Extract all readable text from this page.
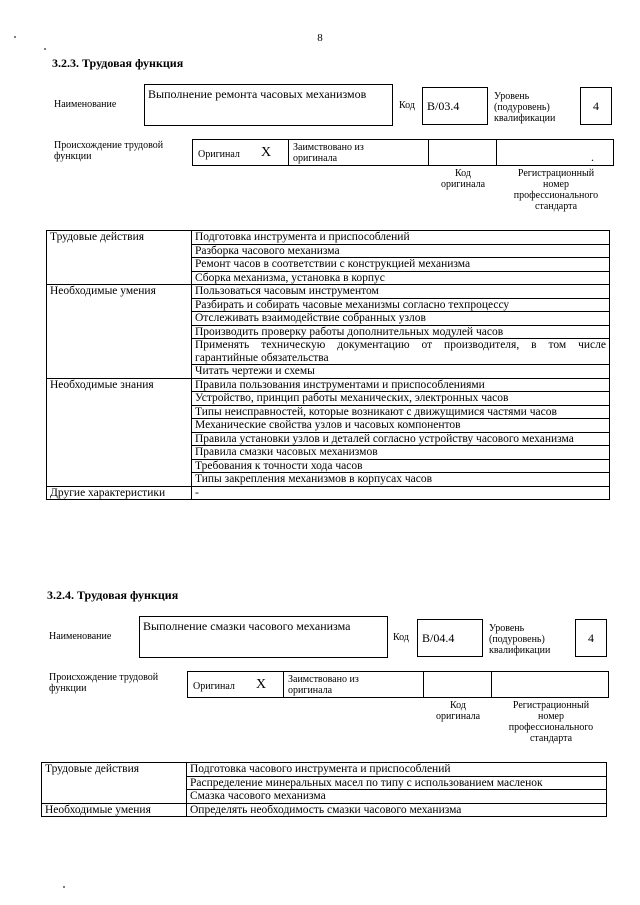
8
3.2.3. Трудовая функция
Наименование
Выполнение ремонта часовых механизмов
Код B/03.4
Уровень
(подуровень)
квалификации
4
Происхождение трудовой
функции	Оригинал X Заимствовано из
оригинала	.
Код
оригинала
Регистрационный
номер
профессионального
стандарта
Трудовые действия	Подготовка инструмента и приспособлений
	Разборка часового механизма
	Ремонт часов в соответствии с конструкцией механизма
	Сборка механизма, установка в корпус
Необходимые умения	Пользоваться часовым инструментом
	Разбирать и собирать часовые механизмы согласно техпроцессу
	Отслеживать взаимодействие собранных узлов
	Производить проверку работы дополнительных модулей часов
	Применять техническую документацию от производителя, в том числе гарантийные обязательства
	Читать чертежи и схемы
Необходимые знания	Правила пользования инструментами и приспособлениями
	Устройство, принцип работы механических, электронных часов
	Типы неисправностей, которые возникают с движущимися частями часов
	Механические свойства узлов и часовых компонентов
	Правила установки узлов и деталей согласно устройству часового механизма
	Правила смазки часовых механизмов
	Требования к точности хода часов
	Типы закрепления механизмов в корпусах часов
Другие характеристики	-
3.2.4. Трудовая функция
Наименование
Выполнение смазки часового механизма
Код B/04.4
Уровень
(подуровень)
квалификации
4
Происхождение трудовой
функции	Оригинал X Заимствовано из
оригинала
Код
оригинала
Регистрационный
номер
профессионального
стандарта
Трудовые действия	Подготовка часового инструмента и приспособлений
	Распределение минеральных масел по типу с использованием масленок
	Смазка часового механизма
Необходимые умения	Определять необходимость смазки часового механизма
